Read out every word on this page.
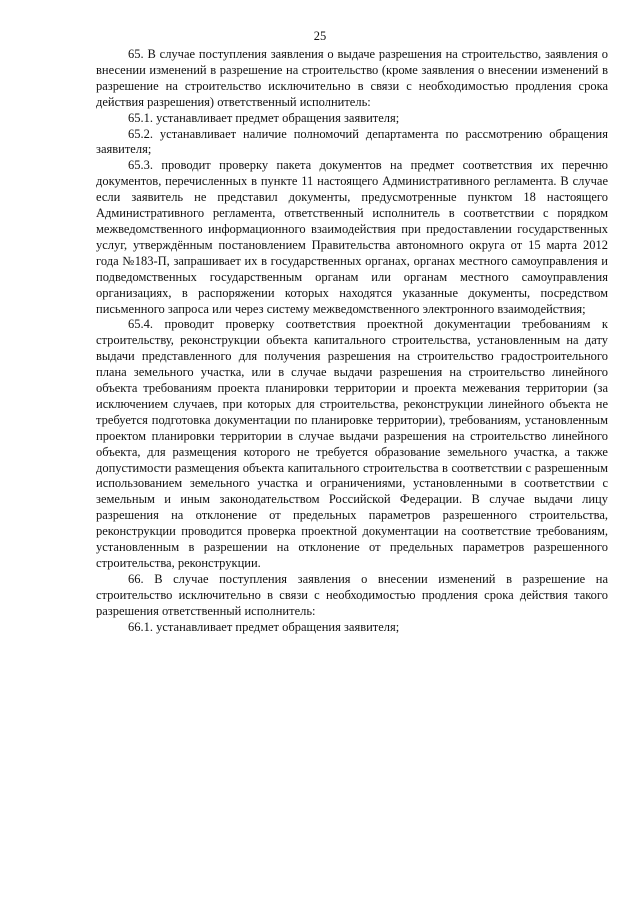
25

65. В случае поступления заявления о выдаче разрешения на строительство, заявления о внесении изменений в разрешение на строительство (кроме заявления о внесении изменений в разрешение на строительство исключительно в связи с необходимостью продления срока действия разрешения) ответственный исполнитель:

65.1. устанавливает предмет обращения заявителя;

65.2. устанавливает наличие полномочий департамента по рассмотрению обращения заявителя;

65.3. проводит проверку пакета документов на предмет соответствия их перечню документов, перечисленных в пункте 11 настоящего Административного регламента. В случае если заявитель не представил документы, предусмотренные пунктом 18 настоящего Административного регламента, ответственный исполнитель в соответствии с порядком межведомственного информационного взаимодействия при предоставлении государственных услуг, утверждённым постановлением Правительства автономного округа от 15 марта 2012 года №183-П, запрашивает их в государственных органах, органах местного самоуправления и подведомственных государственным органам или органам местного самоуправления организациях, в распоряжении которых находятся указанные документы, посредством письменного запроса или через систему межведомственного электронного взаимодействия;

65.4. проводит проверку соответствия проектной документации требованиям к строительству, реконструкции объекта капитального строительства, установленным на дату выдачи представленного для получения разрешения на строительство градостроительного плана земельного участка, или в случае выдачи разрешения на строительство линейного объекта требованиям проекта планировки территории и проекта межевания территории (за исключением случаев, при которых для строительства, реконструкции линейного объекта не требуется подготовка документации по планировке территории), требованиям, установленным проектом планировки территории в случае выдачи разрешения на строительство линейного объекта, для размещения которого не требуется образование земельного участка, а также допустимости размещения объекта капитального строительства в соответствии с разрешенным использованием земельного участка и ограничениями, установленными в соответствии с земельным и иным законодательством Российской Федерации. В случае выдачи лицу разрешения на отклонение от предельных параметров разрешенного строительства, реконструкции проводится проверка проектной документации на соответствие требованиям, установленным в разрешении на отклонение от предельных параметров разрешенного строительства, реконструкции.

66. В случае поступления заявления о внесении изменений в разрешение на строительство исключительно в связи с необходимостью продления срока действия такого разрешения ответственный исполнитель:

66.1. устанавливает предмет обращения заявителя;
